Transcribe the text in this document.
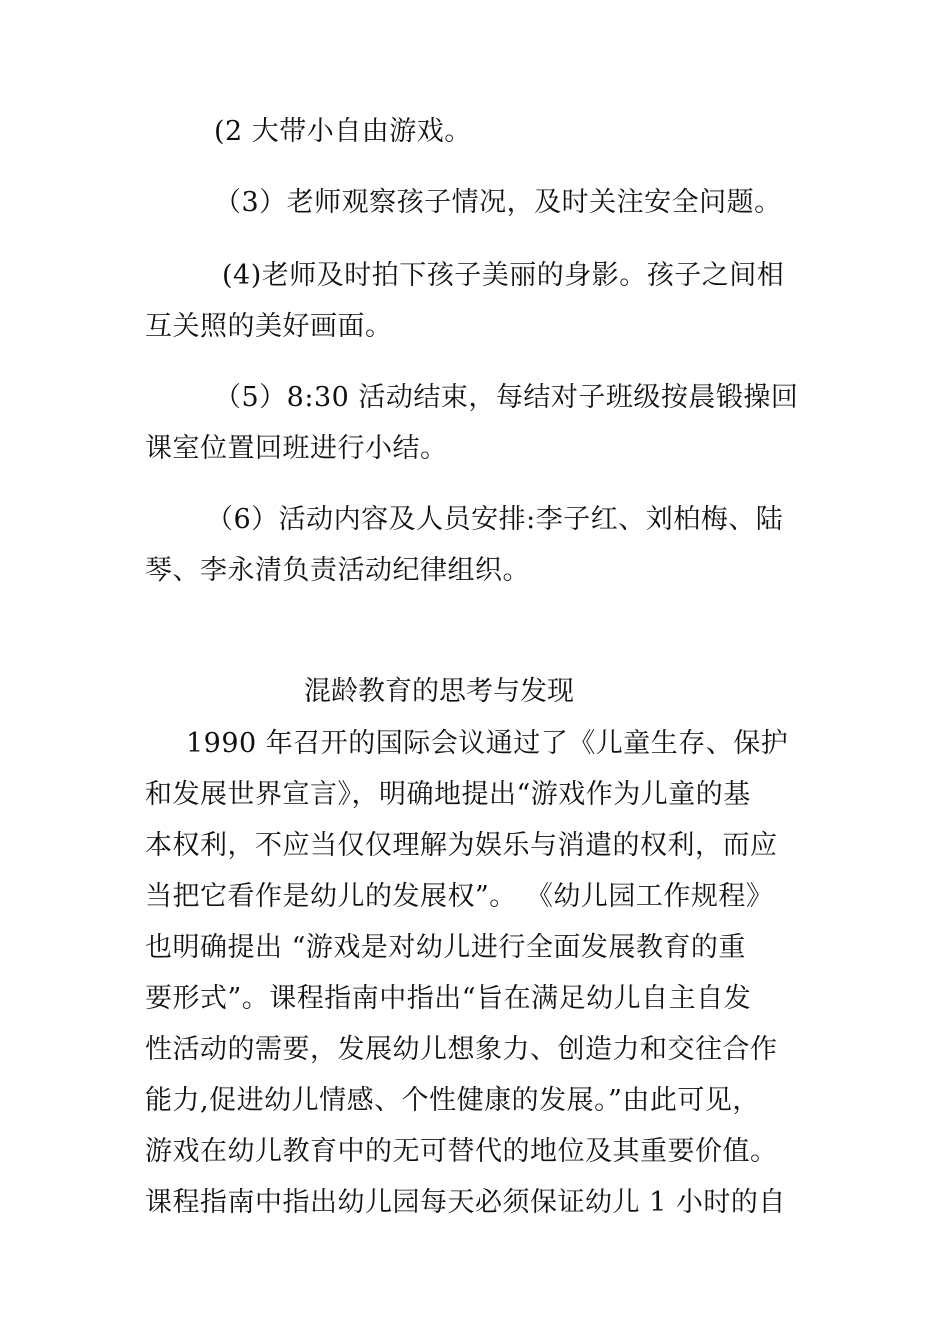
(2 大带小自由游戏。
（3）老师观察孩子情况，及时关注安全问题。
(4)老师及时拍下孩子美丽的身影。孩子之间相
互关照的美好画面。
（5）8:30 活动结束，每结对子班级按晨锻操回
课室位置回班进行小结。
（6）活动内容及人员安排:李子红、刘柏梅、陆
琴、李永清负责活动纪律组织。
混龄教育的思考与发现
1990 年召开的国际会议通过了《儿童生存、保护
和发展世界宣言》，明确地提出“游戏作为儿童的基
本权利，不应当仅仅理解为娱乐与消遣的权利，而应
当把它看作是幼儿的发展权”。 《幼儿园工作规程》
也明确提出 “游戏是对幼儿进行全面发展教育的重
要形式”。课程指南中指出“旨在满足幼儿自主自发
性活动的需要，发展幼儿想象力、创造力和交往合作
能力,促进幼儿情感、个性健康的发展。”由此可见，
游戏在幼儿教育中的无可替代的地位及其重要价值。
课程指南中指出幼儿园每天必须保证幼儿 1 小时的自
